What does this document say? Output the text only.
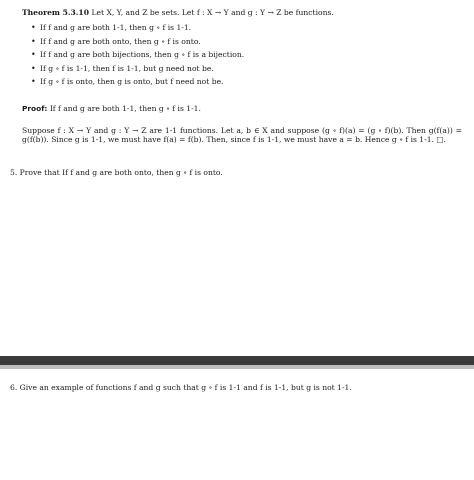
Theorem 5.3.10 Let X, Y, and Z be sets. Let f : X → Y and g : Y → Z be functions.

• If f and g are both 1-1, then g ∘ f is 1-1.
• If f and g are both onto, then g ∘ f is onto.
• If f and g are both bijections, then g ∘ f is a bijection.
• If g ∘ f is 1-1, then f is 1-1, but g need not be.
• If g ∘ f is onto, then g is onto, but f need not be.
Proof: If f and g are both 1-1, then g ∘ f is 1-1.
Suppose f : X → Y and g : Y → Z are 1-1 functions. Let a, b ∈ X and suppose (g ∘ f)(a) = (g ∘ f)(b). Then g(f(a)) = g(f(b)). Since g is 1-1, we must have f(a) = f(b). Then, since f is 1-1, we must have a = b. Hence g ∘ f is 1-1. □.
5. Prove that If f and g are both onto, then g ∘ f is onto.
6. Give an example of functions f and g such that g ∘ f is 1-1 and f is 1-1, but g is not 1-1.
